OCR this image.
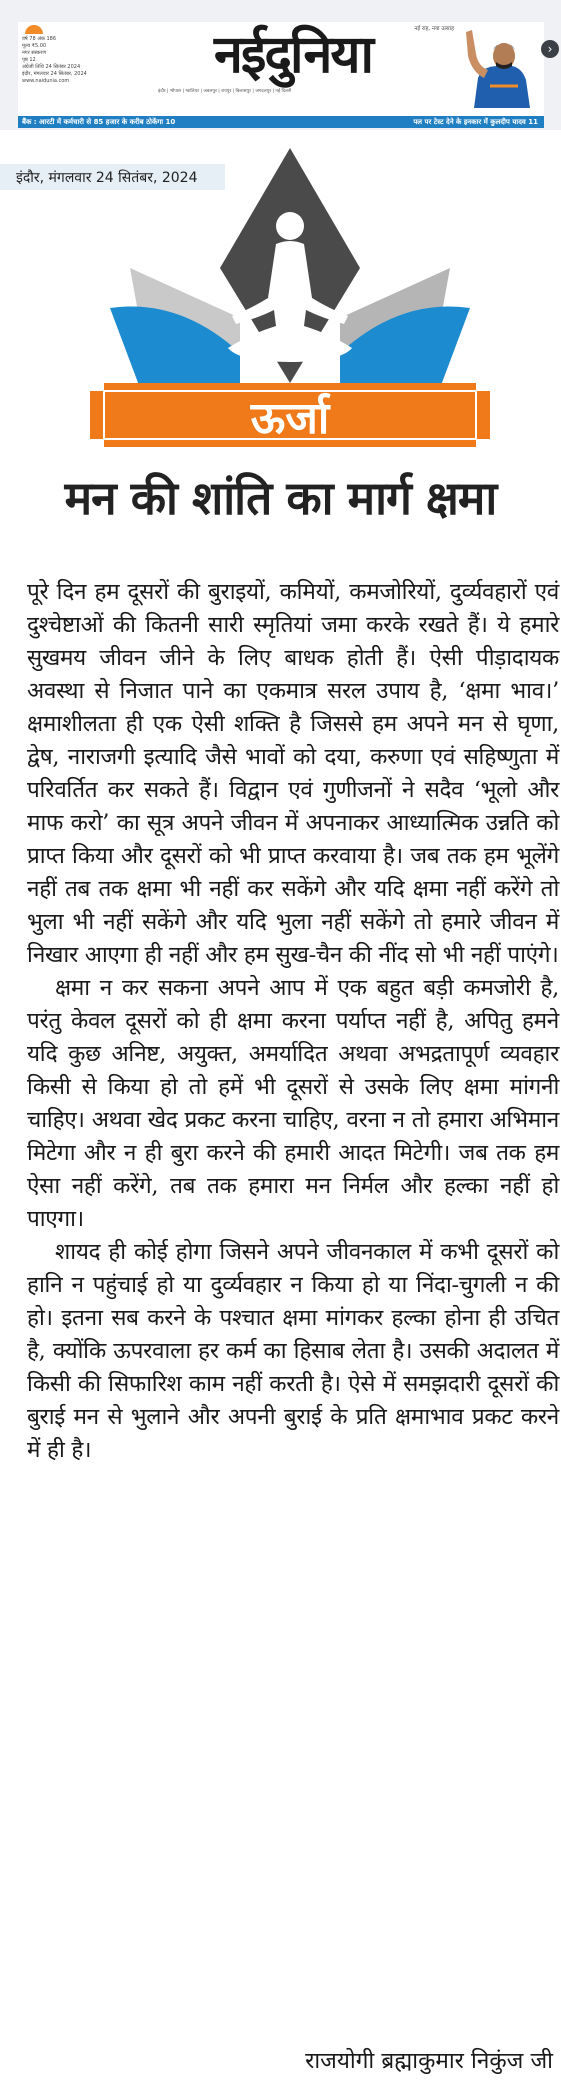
वर्ष 78 अंक 186
मूल्य ₹5.00
नगर संस्करण
पृष्ठ 12
अंग्रेजी तिथि 24 सितंबर 2024
इंदौर, मंगलवार 24 सितंबर, 2024
www.naidunia.com	नईदुनिया	नई राह, नया उत्साह
इंदौर | भोपाल | ग्वालियर | जबलपुर | रायपुर | बिलासपुर | जगदलपुर | नई दिल्ली
›
बैंक : आरटी में कर्मचारी से 85 हजार के करीब ठोकेंगा 10	पल पर टेस्ट देने के इनकार में कुलदीप यादव 11
ऊर्जा
इंदौर, मंगलवार 24 सितंबर, 2024
मन की शांति का मार्ग क्षमा

पूरे दिन हम दूसरों की बुराइयों, कमियों, कमजोरियों, दुर्व्यवहारों एवं दुश्चेष्टाओं की कितनी सारी स्मृतियां जमा करके रखते हैं। ये हमारे सुखमय जीवन जीने के लिए बाधक होती हैं। ऐसी पीड़ादायक अवस्था से निजात पाने का एकमात्र सरल उपाय है, ‘क्षमा भाव।’ क्षमाशीलता ही एक ऐसी शक्ति है जिससे हम अपने मन से घृणा, द्वेष, नाराजगी इत्यादि जैसे भावों को दया, करुणा एवं सहिष्णुता में परिवर्तित कर सकते हैं। विद्वान एवं गुणीजनों ने सदैव ‘भूलो और माफ करो’ का सूत्र अपने जीवन में अपनाकर आध्यात्मिक उन्नति को प्राप्त किया और दूसरों को भी प्राप्त करवाया है। जब तक हम भूलेंगे नहीं तब तक क्षमा भी नहीं कर सकेंगे और यदि क्षमा नहीं करेंगे तो भुला भी नहीं सकेंगे और यदि भुला नहीं सकेंगे तो हमारे जीवन में निखार आएगा ही नहीं और हम सुख-चैन की नींद सो भी नहीं पाएंगे।

क्षमा न कर सकना अपने आप में एक बहुत बड़ी कमजोरी है, परंतु केवल दूसरों को ही क्षमा करना पर्याप्त नहीं है, अपितु हमने यदि कुछ अनिष्ट, अयुक्त, अमर्यादित अथवा अभद्रतापूर्ण व्यवहार किसी से किया हो तो हमें भी दूसरों से उसके लिए क्षमा मांगनी चाहिए। अथवा खेद प्रकट करना चाहिए, वरना न तो हमारा अभिमान मिटेगा और न ही बुरा करने की हमारी आदत मिटेगी। जब तक हम ऐसा नहीं करेंगे, तब तक हमारा मन निर्मल और हल्का नहीं हो पाएगा।

शायद ही कोई होगा जिसने अपने जीवनकाल में कभी दूसरों को हानि न पहुंचाई हो या दुर्व्यवहार न किया हो या निंदा-चुगली न की हो। इतना सब करने के पश्चात क्षमा मांगकर हल्का होना ही उचित है, क्योंकि ऊपरवाला हर कर्म का हिसाब लेता है। उसकी अदालत में किसी की सिफारिश काम नहीं करती है। ऐसे में समझदारी दूसरों की बुराई मन से भुलाने और अपनी बुराई के प्रति क्षमाभाव प्रकट करने में ही है।

राजयोगी ब्रह्माकुमार निकुंज जी
